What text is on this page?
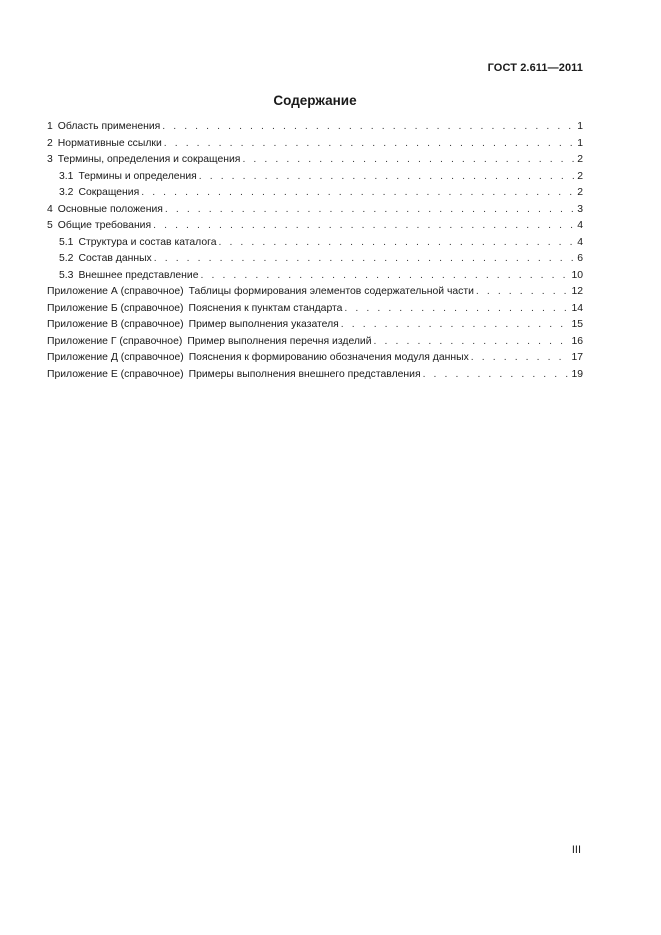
ГОСТ 2.611—2011
Содержание
1 Область применения . . .	1
2 Нормативные ссылки . . .	1
3 Термины, определения и сокращения . . .	2
3.1 Термины и определения . . .	2
3.2 Сокращения . . .	2
4 Основные положения . . .	3
5 Общие требования . . .	4
5.1 Структура и состав каталога . . .	4
5.2 Состав данных . . .	6
5.3 Внешнее представление . . .	10
Приложение А (справочное) Таблицы формирования элементов содержательной части . . .	12
Приложение Б (справочное) Пояснения к пунктам стандарта . . .	14
Приложение В (справочное) Пример выполнения указателя . . .	15
Приложение Г (справочное) Пример выполнения перечня изделий . . .	16
Приложение Д (справочное) Пояснения к формированию обозначения модуля данных . . .	17
Приложение Е (справочное) Примеры выполнения внешнего представления . . .	19
III
